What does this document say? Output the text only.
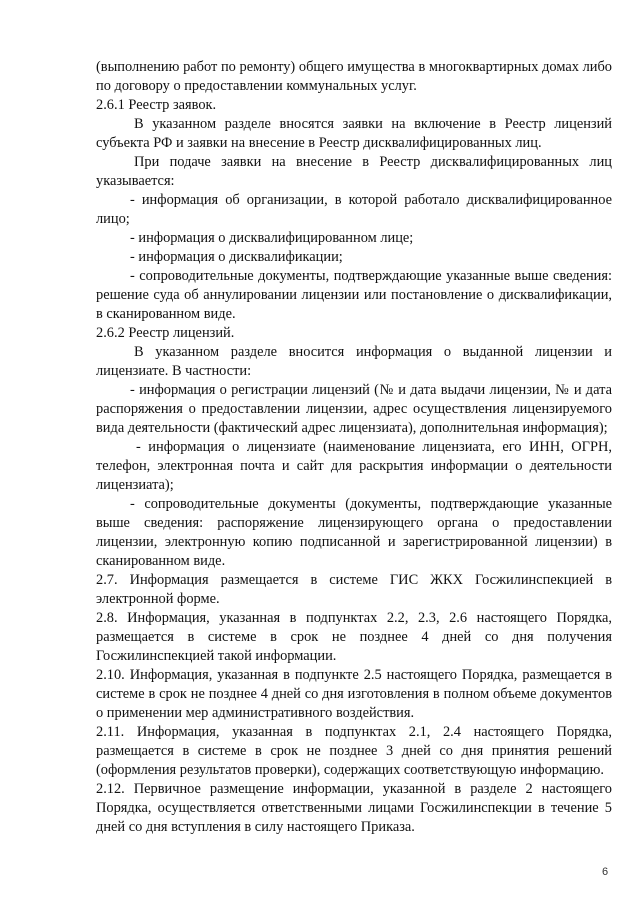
(выполнению работ по ремонту) общего имущества в многоквартирных домах либо по договору о предоставлении коммунальных услуг.

2.6.1 Реестр заявок.

В указанном разделе вносятся заявки на включение в Реестр лицензий субъекта РФ и заявки на внесение в Реестр дисквалифицированных лиц.

При подаче заявки на внесение в Реестр дисквалифицированных лиц указывается:

- информация об организации, в которой работало дисквалифицированное лицо;

- информация о дисквалифицированном лице;

- информация о дисквалификации;

- сопроводительные документы, подтверждающие указанные выше сведения: решение суда об аннулировании лицензии или постановление о дисквалификации, в сканированном виде.

2.6.2 Реестр лицензий.

В указанном разделе вносится информация о выданной лицензии и лицензиате. В частности:

- информация о регистрации лицензий (№ и дата выдачи лицензии, № и дата распоряжения о предоставлении лицензии, адрес осуществления лицензируемого вида деятельности (фактический адрес лицензиата), дополнительная информация);

- информация о лицензиате (наименование лицензиата, его ИНН, ОГРН, телефон, электронная почта и сайт для раскрытия информации о деятельности лицензиата);

- сопроводительные документы (документы, подтверждающие указанные выше сведения: распоряжение лицензирующего органа о предоставлении лицензии, электронную копию подписанной и зарегистрированной лицензии) в сканированном виде.

2.7. Информация размещается в системе ГИС ЖКХ Госжилинспекцией в электронной форме.

2.8. Информация, указанная в подпунктах 2.2, 2.3, 2.6 настоящего Порядка, размещается в системе в срок не позднее 4 дней со дня получения Госжилинспекцией такой информации.

2.10. Информация, указанная в подпункте 2.5 настоящего Порядка, размещается в системе в срок не позднее 4 дней со дня изготовления в полном объеме документов о применении мер административного воздействия.

2.11. Информация, указанная в подпунктах 2.1, 2.4 настоящего Порядка, размещается в системе в срок не позднее 3 дней со дня принятия решений (оформления результатов проверки), содержащих соответствующую информацию.

2.12. Первичное размещение информации, указанной в разделе 2 настоящего Порядка, осуществляется ответственными лицами Госжилинспекции в течение 5 дней со дня вступления в силу настоящего Приказа.

6
